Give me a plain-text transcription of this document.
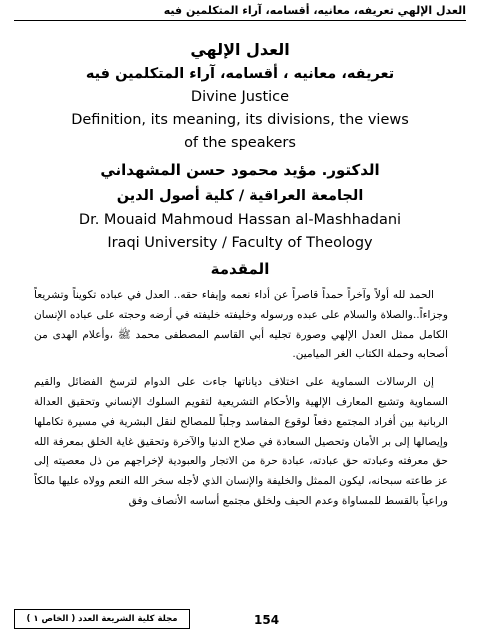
العدل الإلهي تعريفه، معانيه، أقسامه، آراء المتكلمين فيه
العدل الإلهي
تعريفه، معانيه ، أقسامه، آراء المتكلمين فيه
Divine Justice
Definition, its meaning, its divisions, the views
of the speakers
الدكتور. مؤيد محمود حسن المشهداني
الجامعة العراقية / كلية أصول الدين
Dr. Mouaid Mahmoud Hassan al-Mashhadani
Iraqi University / Faculty of Theology
المقدمة

الحمد لله أولاً وآخراً حمداً قاصراً عن أداء نعمه وإيفاء حقه.. العدل في عباده تكويناً وتشريعاً وجزاءاً..والصلاة والسلام على عبده ورسوله وخليفته خليفته في أرضه وحجته على عباده الإنسان الكامل ممثل العدل الإلهي وصورة تجليه أبي القاسم المصطفى محمد ﷺ ،وأعلام الهدى من أصحابه وحملة الكتاب الغر الميامين.

إن الرسالات السماوية على اختلاف دياناتها جاءت على الدوام لترسخ الفضائل والقيم السماوية وتشيع المعارف الإلهية والأحكام التشريعية لتقويم السلوك الإنساني وتحقيق العدالة الربانية بين أفراد المجتمع دفعاً لوقوع المفاسد وجلباً للمصالح لنقل البشرية في مسيرة تكاملها وإيصالها إلى بر الأمان وتحصيل السعادة في صلاح الدنيا والآخرة وتحقيق غاية الخلق بمعرفة الله حق معرفته وعبادته حق عبادته، عبادة حرة من الاتجار والعبودية لإخراجهم من ذل معصيته إلى عز طاعته سبحانه، ليكون الممثل والخليفة والإنسان الذي لأجله سخر الله النعم وولاه عليها مالكاً وراعياً بالقسط للمساواة وعدم الحيف ولخلق مجتمع أساسه الأنصاف وفق

154
مجلة كلية الشريعة العدد ( الخاص ١ )
